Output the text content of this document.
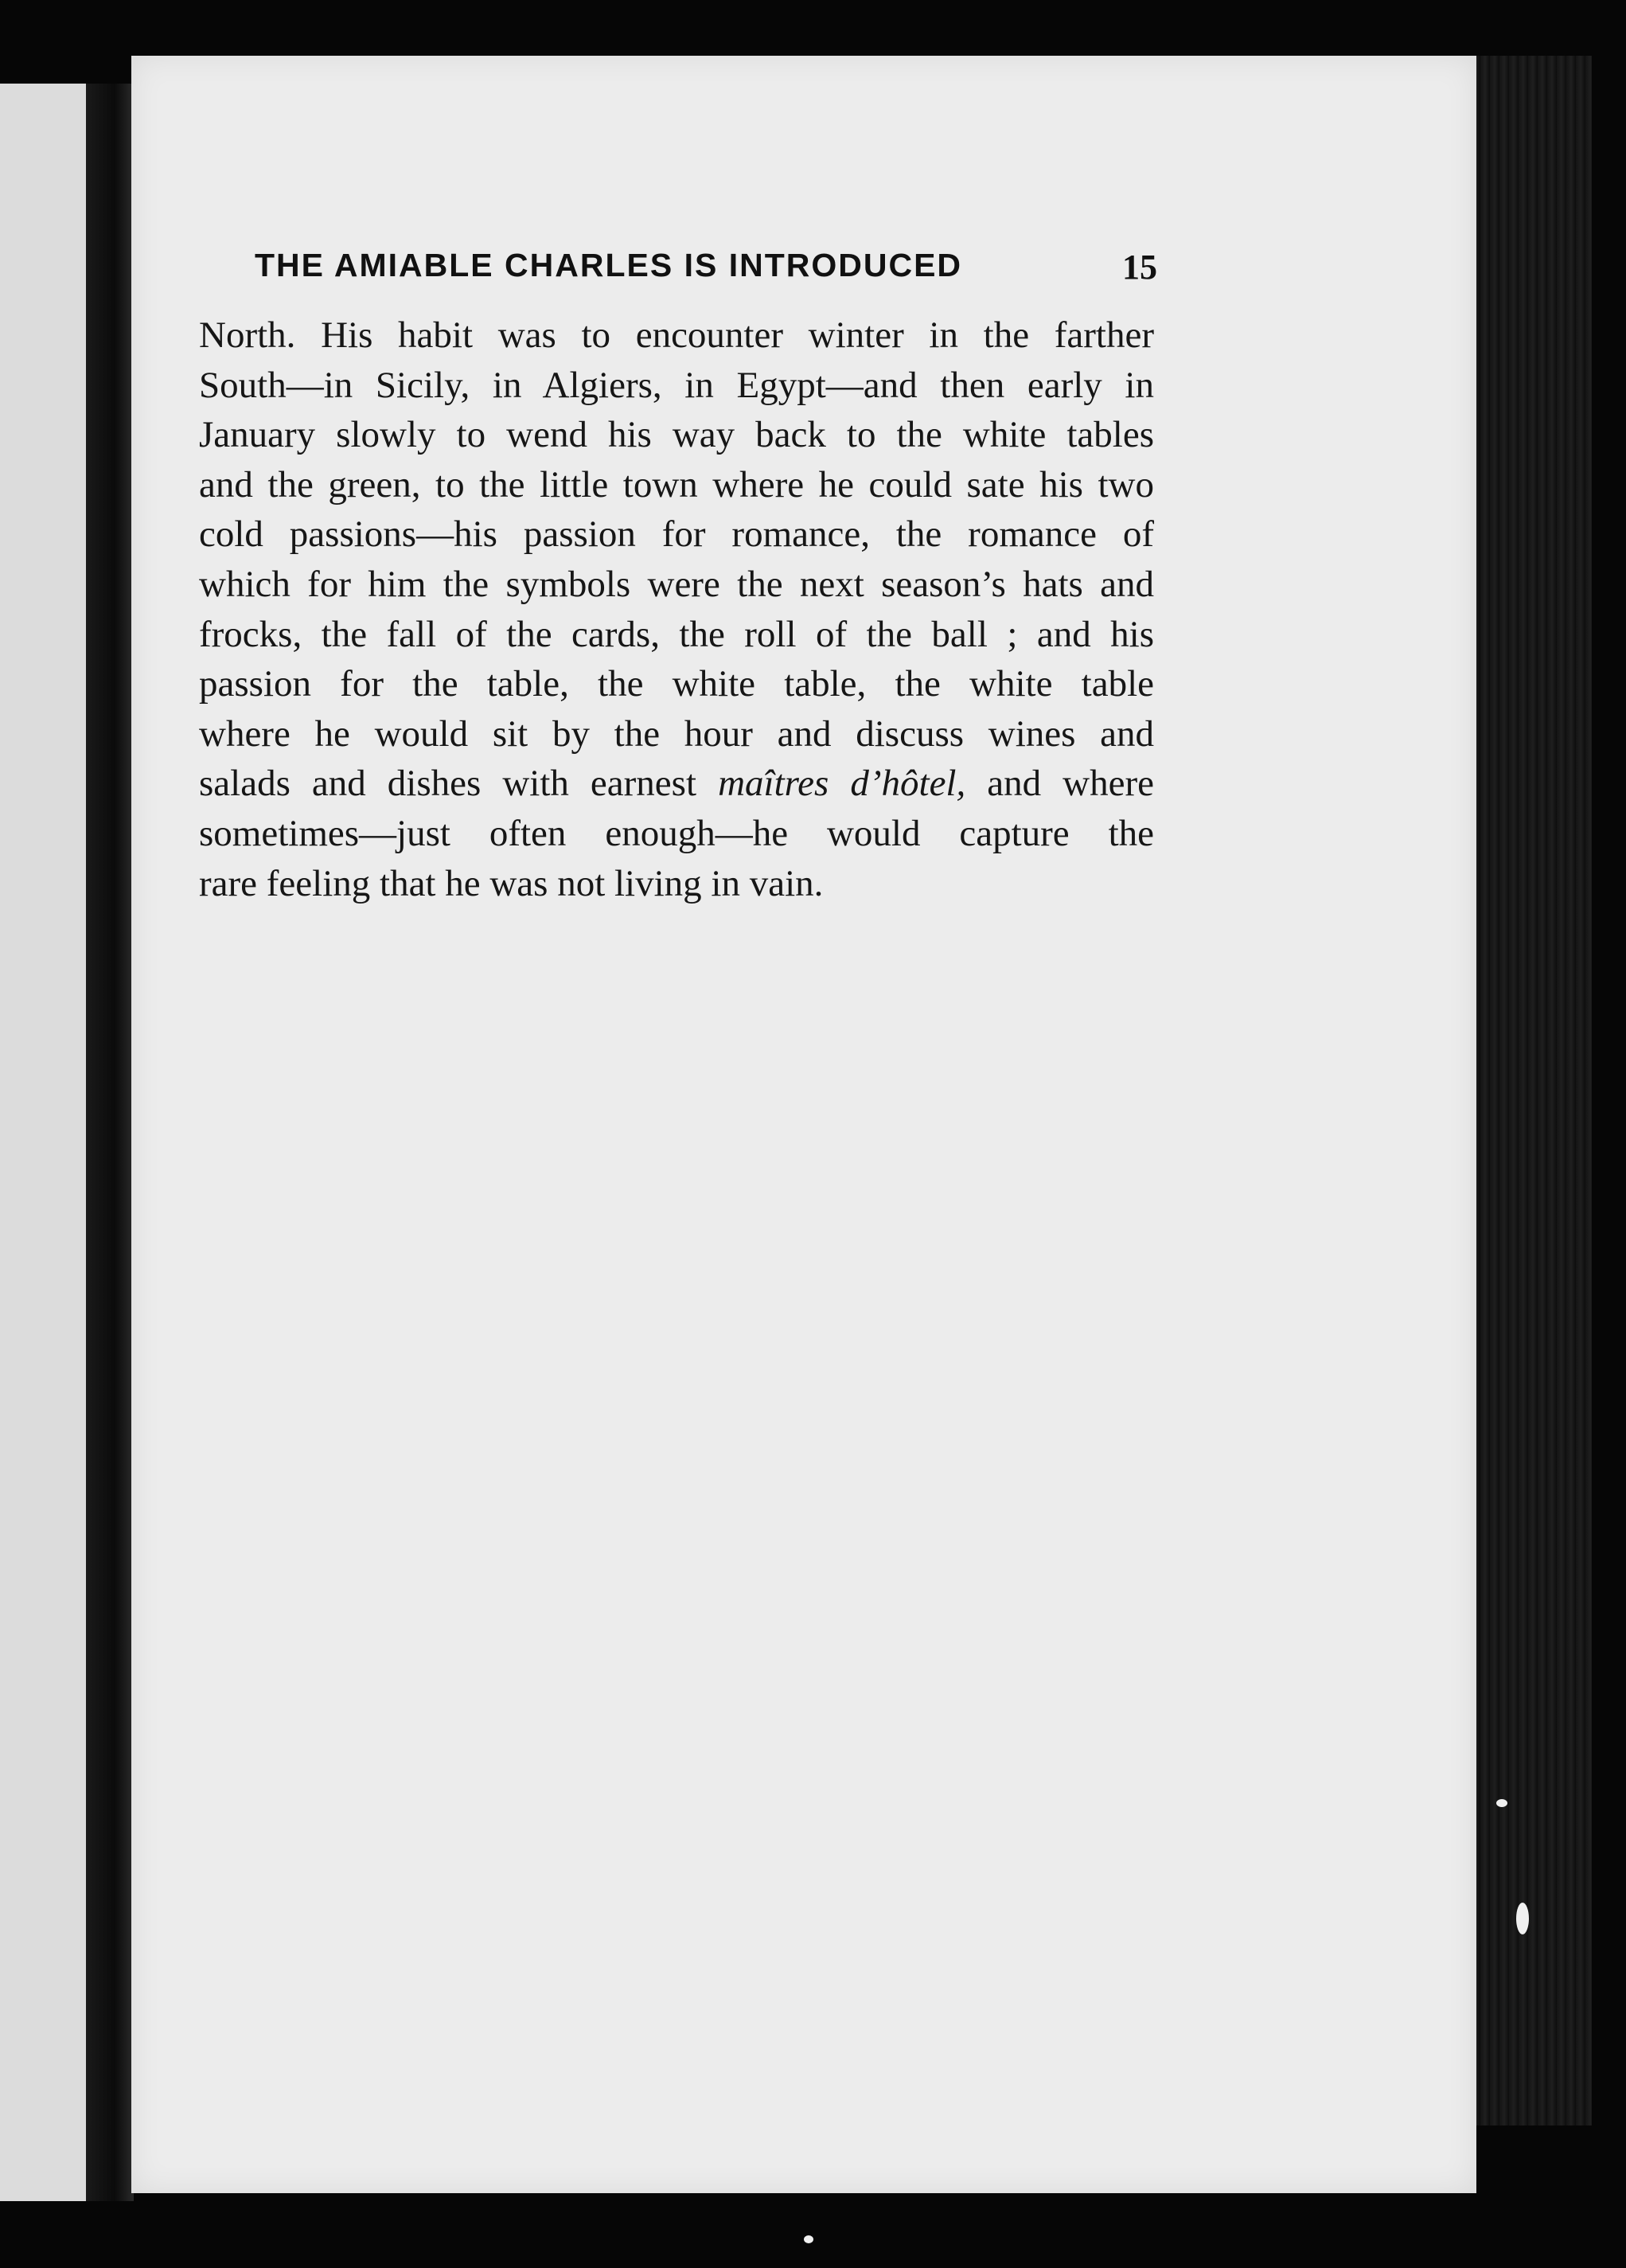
THE AMIABLE CHARLES IS INTRODUCED	15
North. His habit was to encounter winter in the farther
South—in Sicily, in Algiers, in Egypt—and then early in
January slowly to wend his way back to the white tables
and the green, to the little town where he could sate his two
cold passions—his passion for romance, the romance of
which for him the symbols were the next season’s hats and
frocks, the fall of the cards, the roll of the ball ; and his
passion for the table, the white table, the white table
where he would sit by the hour and discuss wines and
salads and dishes with earnest maîtres d’hôtel, and where
sometimes—just often enough—he would capture the
rare feeling that he was not living in vain.
